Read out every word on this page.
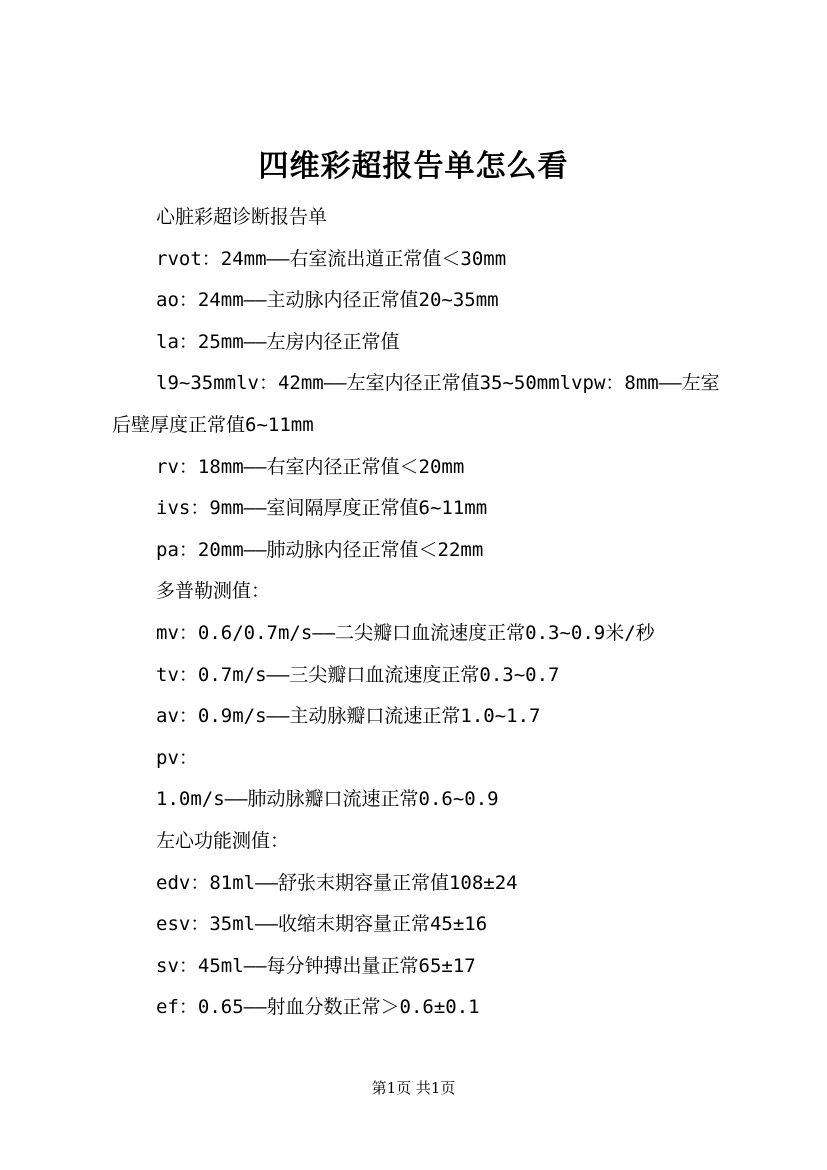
四维彩超报告单怎么看

心脏彩超诊断报告单

rvot：24mm——右室流出道正常值＜30mm

ao：24mm——主动脉内径正常值20~35mm

la：25mm——左房内径正常值

l9~35mmlv：42mm——左室内径正常值35~50mmlvpw：8mm——左室后壁厚度正常值6~11mm

rv：18mm——右室内径正常值＜20mm

ivs：9mm——室间隔厚度正常值6~11mm

pa：20mm——肺动脉内径正常值＜22mm

多普勒测值：

mv：0.6/0.7m/s——二尖瓣口血流速度正常0.3~0.9米/秒

tv：0.7m/s——三尖瓣口血流速度正常0.3~0.7

av：0.9m/s——主动脉瓣口流速正常1.0~1.7

pv：

1.0m/s——肺动脉瓣口流速正常0.6~0.9

左心功能测值：

edv：81ml——舒张末期容量正常值108±24

esv：35ml——收缩末期容量正常45±16

sv：45ml——每分钟搏出量正常65±17

ef：0.65——射血分数正常＞0.6±0.1

第1页 共1页
